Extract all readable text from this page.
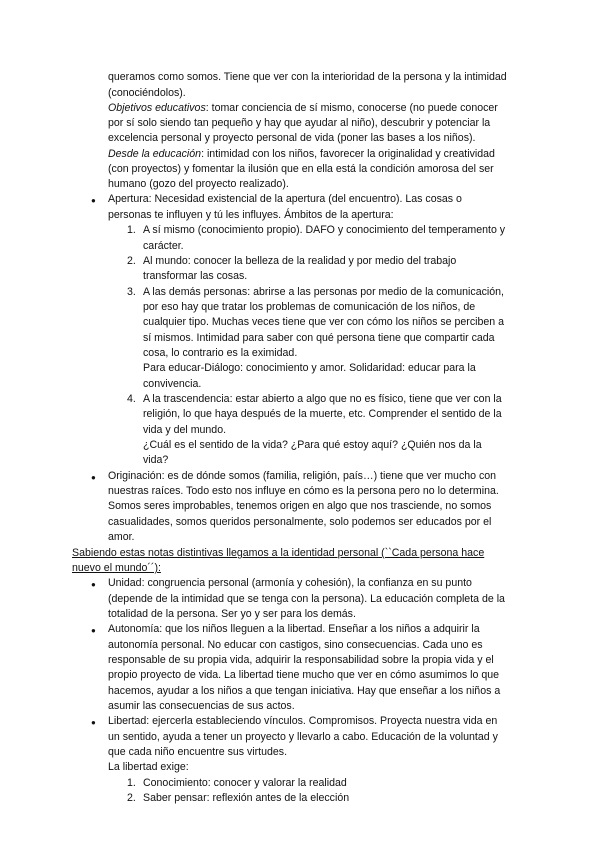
queramos como somos. Tiene que ver con la interioridad de la persona y la intimidad
(conociéndolos).
Objetivos educativos: tomar conciencia de sí mismo, conocerse (no puede conocer
por sí solo siendo tan pequeño y hay que ayudar al niño), descubrir y potenciar la
excelencia personal y proyecto personal de vida (poner las bases a los niños).
Desde la educación: intimidad con los niños, favorecer la originalidad y creatividad
(con proyectos) y fomentar la ilusión que en ella está la condición amorosa del ser
humano (gozo del proyecto realizado).
● Apertura: Necesidad existencial de la apertura (del encuentro). Las cosas o
personas te influyen y tú les influyes. Ámbitos de la apertura:
1. A sí mismo (conocimiento propio). DAFO y conocimiento del temperamento y
carácter.
2. Al mundo: conocer la belleza de la realidad y por medio del trabajo
transformar las cosas.
3. A las demás personas: abrirse a las personas por medio de la comunicación,
por eso hay que tratar los problemas de comunicación de los niños, de
cualquier tipo. Muchas veces tiene que ver con cómo los niños se perciben a
sí mismos. Intimidad para saber con qué persona tiene que compartir cada
cosa, lo contrario es la eximidad.
Para educar-Diálogo: conocimiento y amor. Solidaridad: educar para la
convivencia.
4. A la trascendencia: estar abierto a algo que no es físico, tiene que ver con la
religión, lo que haya después de la muerte, etc. Comprender el sentido de la
vida y del mundo.
¿Cuál es el sentido de la vida? ¿Para qué estoy aquí? ¿Quién nos da la
vida?
● Originación: es de dónde somos (familia, religión, país…) tiene que ver mucho con
nuestras raíces. Todo esto nos influye en cómo es la persona pero no lo determina.
Somos seres improbables, tenemos origen en algo que nos trasciende, no somos
casualidades, somos queridos personalmente, solo podemos ser educados por el
amor.
Sabiendo estas notas distintivas llegamos a la identidad personal (``Cada persona hace
nuevo el mundo´´):
● Unidad: congruencia personal (armonía y cohesión), la confianza en su punto
(depende de la intimidad que se tenga con la persona). La educación completa de la
totalidad de la persona. Ser yo y ser para los demás.
● Autonomía: que los niños lleguen a la libertad. Enseñar a los niños a adquirir la
autonomía personal. No educar con castigos, sino consecuencias. Cada uno es
responsable de su propia vida, adquirir la responsabilidad sobre la propia vida y el
propio proyecto de vida. La libertad tiene mucho que ver en cómo asumimos lo que
hacemos, ayudar a los niños a que tengan iniciativa. Hay que enseñar a los niños a
asumir las consecuencias de sus actos.
● Libertad: ejercerla estableciendo vínculos. Compromisos. Proyecta nuestra vida en
un sentido, ayuda a tener un proyecto y llevarlo a cabo. Educación de la voluntad y
que cada niño encuentre sus virtudes.
La libertad exige:
1. Conocimiento: conocer y valorar la realidad
2. Saber pensar: reflexión antes de la elección
